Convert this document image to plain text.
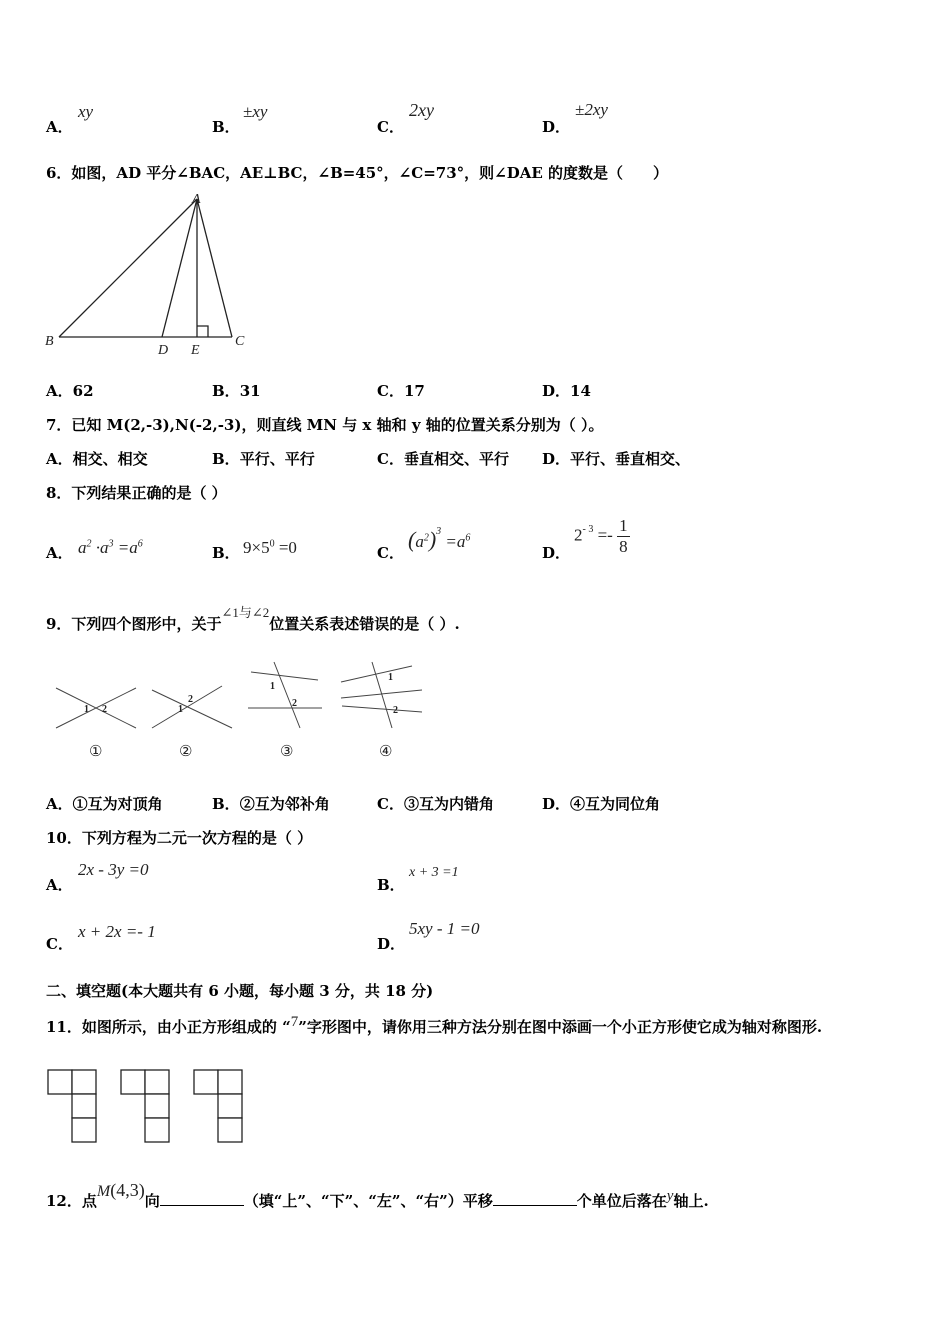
A．
xy
B．
±xy
C．
2xy
D．
±2xy
6．如图，AD 平分∠BAC，AE⊥BC，∠B=45°，∠C=73°，则∠DAE 的度数是（　　）
A
B	C
D E
A．62	B．31	C．17	D．14
7．已知 M(2,-3),N(-2,-3)，则直线 MN 与 x 轴和 y 轴的位置关系分别为（ ）。
A．相交、相交	B．平行、平行	C．垂直相交、平行 D．平行、垂直相交、
8．下列结果正确的是（ ）
A． $a^2 \cdot a^3 =a^6$
B． $9\times 5^0 =0$	C．
$(a^2)^3 =a^6$
D．
$2^{- 3} =- \frac{1}{8}$
9．下列四个图形中，关于∠1与∠2位置关系表述错误的是（ ）.
1 2	1
2
1
2
1
2
①	②	③	④
A．①互为对顶角	B．②互为邻补角	C．③互为内错角	D．④互为同位角
10．下列方程为二元一次方程的是（ ）
A．
2x - 3y =0
B．
x + 3 =1
C．
x + 2x =- 1
D．
5xy - 1 =0
二、填空题(本大题共有 6 小题，每小题 3 分，共 18 分)
11．如图所示，由小正方形组成的 “7”字形图中，请你用三种方法分别在图中添画一个小正方形使它成为轴对称图形.
12．点M(4,3)向	（填“上”、“下”、“左”、“右”）平移	个单位后落在y轴上.
